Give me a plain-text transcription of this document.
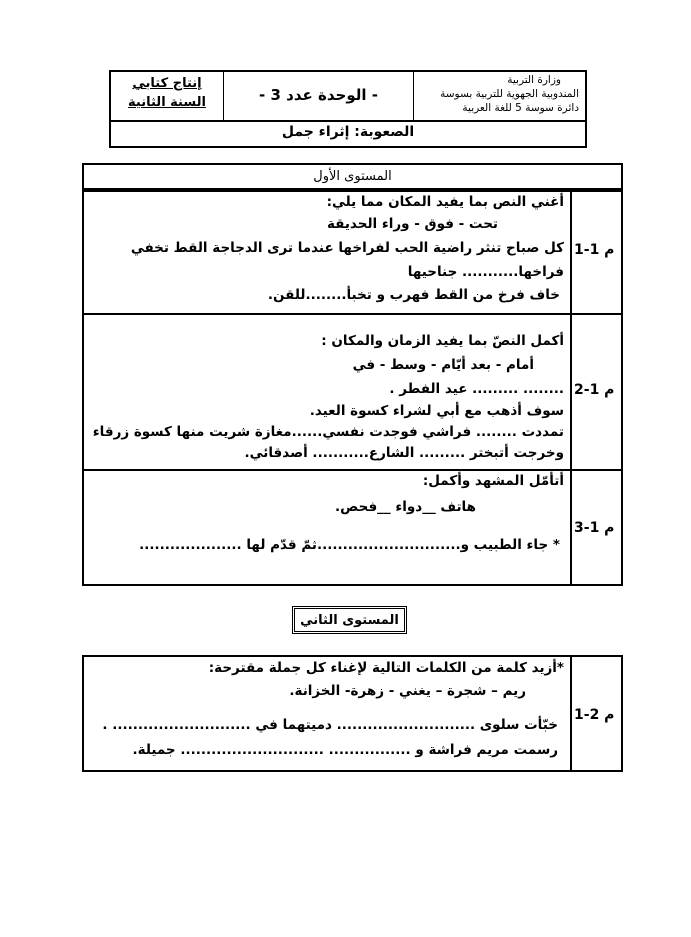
إنتاج كتابي
السنة الثانية	- الوحدة عدد 3 -
وزارة التربية
المندوبية الجهوية للتربية بسوسة
دائرة سوسة 5 للغة العربية
الصعوبة: إثراء جمل
المستوى الأول
م 1-1
أغني النص بما يفيد المكان مما يلي:
تحت - فوق - وراء الحديقة
كل صباح تنثر راضية الحب لفراخها عندما ترى الدجاجة القط تخفي
فراخها........... جناحيها
خاف فرخ من القط فهرب و تخبأ........للقن.
م 1-2
أكمل النصّ بما يفيد الزمان والمكان :
أمام - بعد أيّام - وسط - في
........ ......... عيد الفطر .
سوف أذهب مع أبي لشراء كسوة العيد.
تمددت ........ فراشي فوجدت نفسي......مغازة شريت منها كسوة زرقاء
وخرجت أتبختر ......... الشارع........... أصدقائي.
م 1-3
أتأمّل المشهد وأكمل:
هاتف __دواء __فحص.
* جاء الطبيب و............................ثمّ قدّم لها ....................
المستوى الثاني
م 2-1
*أزيد كلمة من الكلمات التالية لإغناء كل جملة مقترحة:
ريم – شجرة – يغني - زهرة- الخزانة.
خبّأت سلوى ........................... دميتهما في ........................... .
رسمت مريم فراشة و ................ ............................ جميلة.
